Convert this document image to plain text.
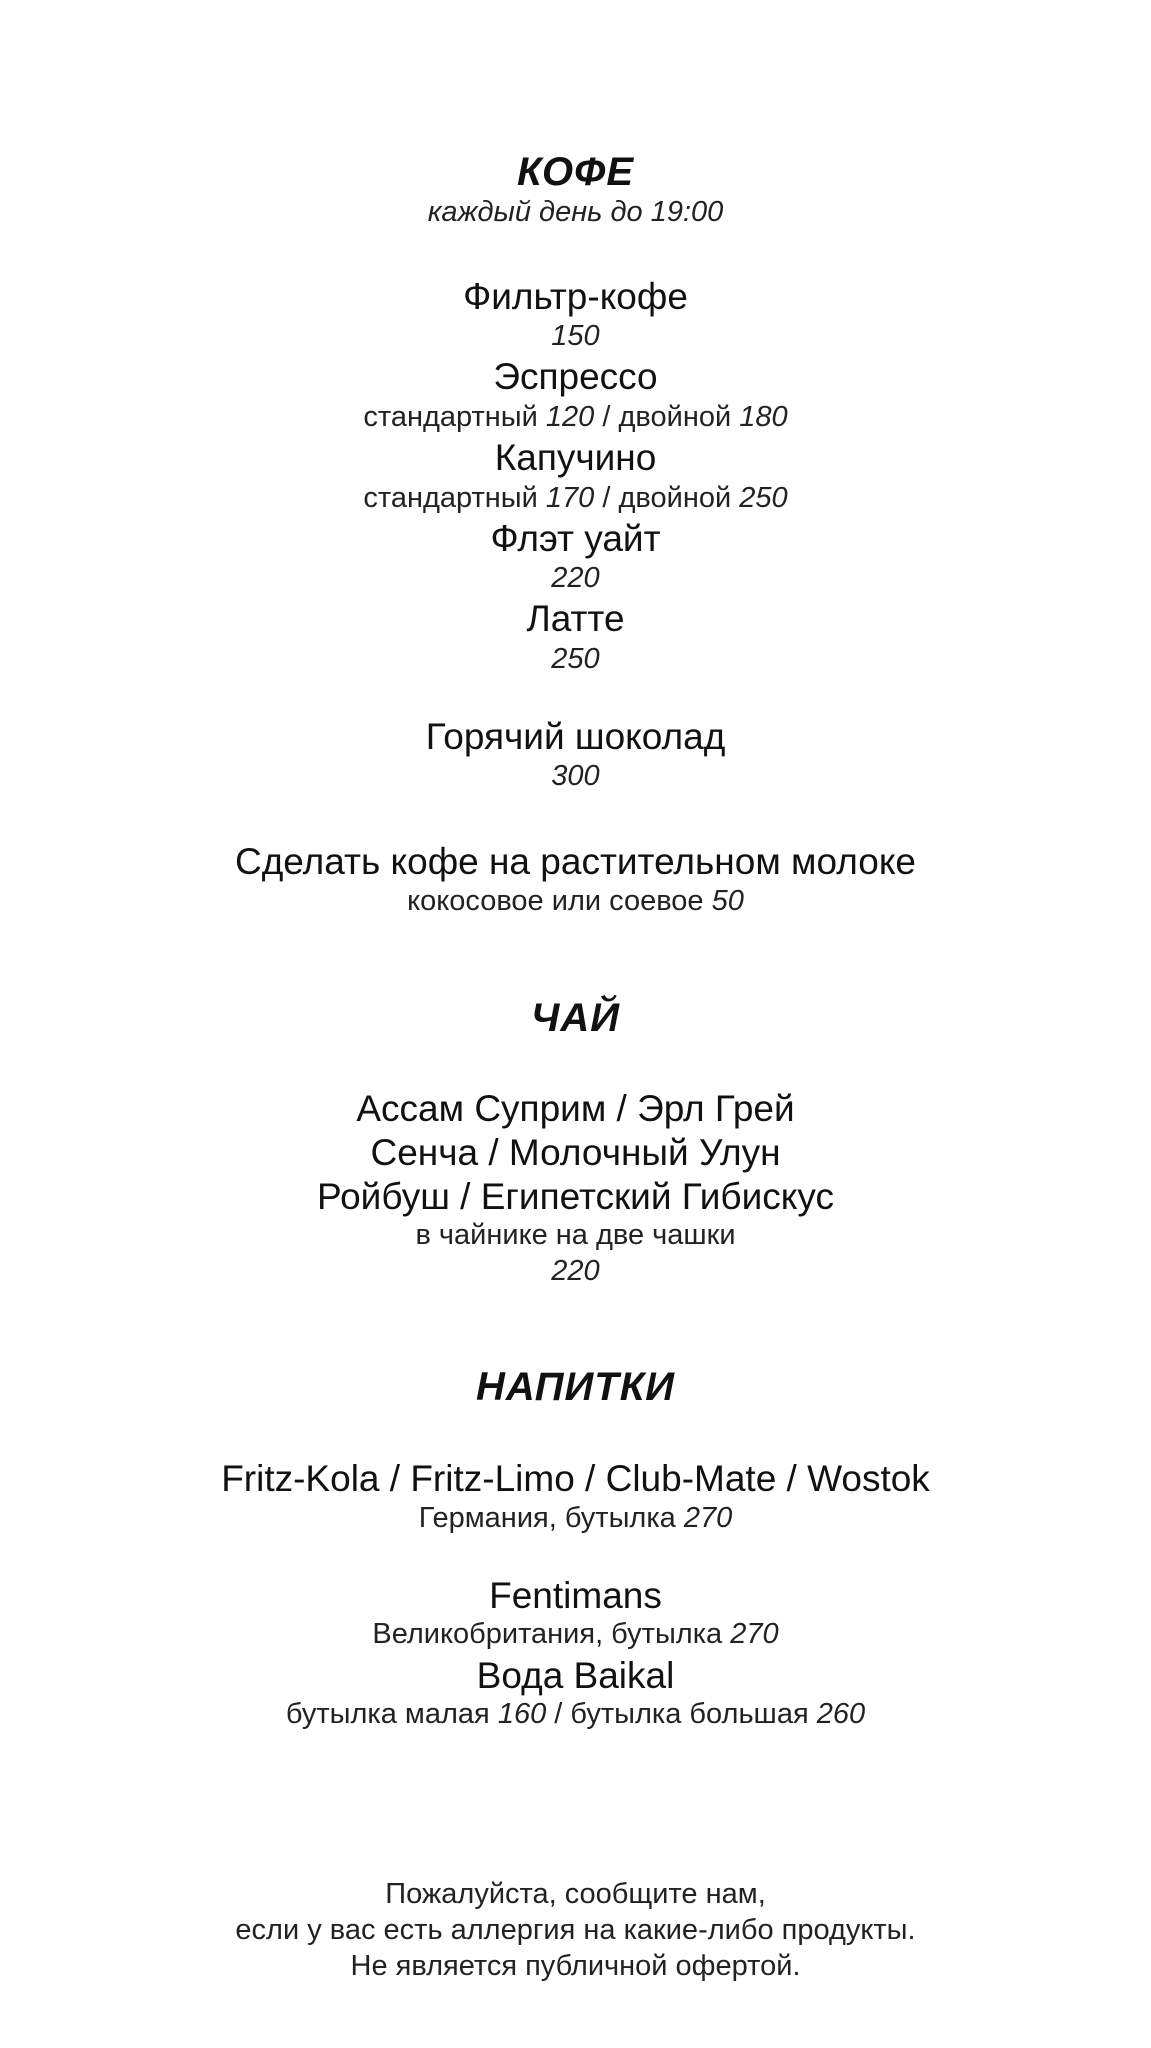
КОФЕ
каждый день до 19:00
Фильтр-кофе
150
Эспрессо
стандартный 120 / двойной 180
Капучино
стандартный 170 / двойной 250
Флэт уайт
220
Латте
250
Горячий шоколад
300
Сделать кофе на растительном молоке
кокосовое или соевое 50
ЧАЙ
Ассам Суприм / Эрл Грей
Сенча / Молочный Улун
Ройбуш / Египетский Гибискус
в чайнике на две чашки
220
НАПИТКИ
Fritz-Kola / Fritz-Limo / Club-Mate / Wostok
Германия, бутылка 270
Fentimans
Великобритания, бутылка 270
Вода Baikal
бутылка малая 160 / бутылка большая 260
Пожалуйста, сообщите нам,
если у вас есть аллергия на какие-либо продукты.
Не является публичной офертой.
